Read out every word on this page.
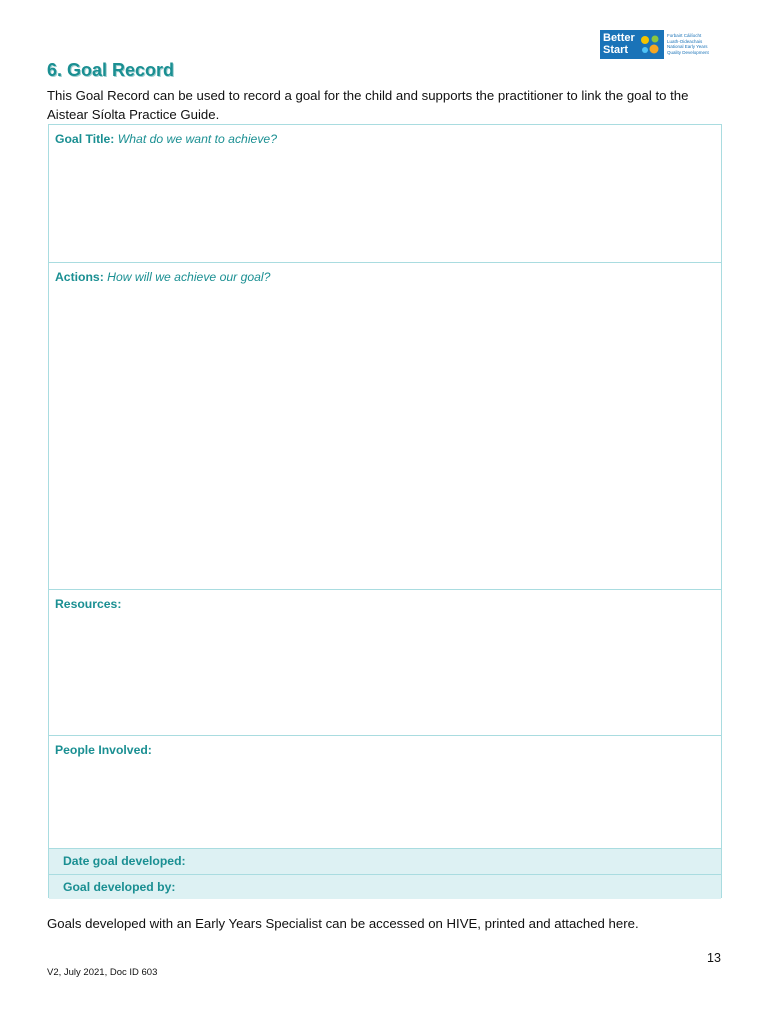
Better
Start
Forbairt Cáilíocht
Luath-Oideachais
National Early Years
Quality Development
6. Goal Record

This Goal Record can be used to record a goal for the child and supports the practitioner to link the goal to the Aistear Síolta Practice Guide.

Goal Title: What do we want to achieve?
Actions: How will we achieve our goal?
Resources:
People Involved:
Date goal developed:
Goal developed by:

Goals developed with an Early Years Specialist can be accessed on HIVE, printed and attached here.

13
V2, July 2021, Doc ID 603
